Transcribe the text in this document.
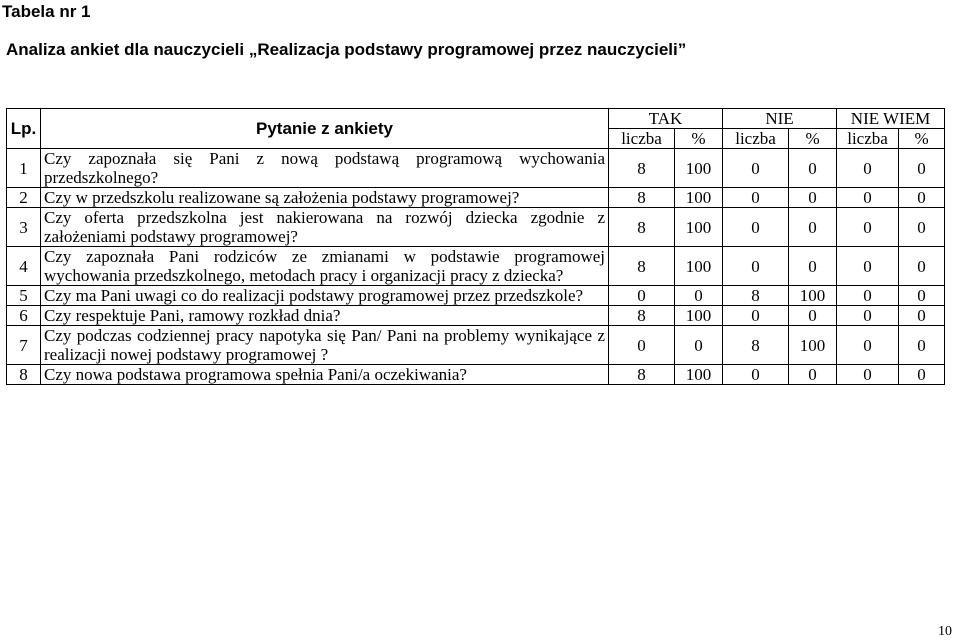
Tabela nr 1
Analiza ankiet dla nauczycieli „Realizacja podstawy programowej przez nauczycieli”
Lp.	Pytanie z ankiety	TAK		NIE		NIE WIEM	
		liczba	%	liczba	%	liczba	%
1	Czy zapoznała się Pani z nową podstawą programową wychowania przedszkolnego?	8	100	0	0	0	0
2	Czy w przedszkolu realizowane są założenia podstawy programowej?	8	100	0	0	0	0
3	Czy oferta przedszkolna jest nakierowana na rozwój dziecka zgodnie z założeniami podstawy programowej?	8	100	0	0	0	0
4	Czy zapoznała Pani rodziców ze zmianami w podstawie programowej wychowania przedszkolnego, metodach pracy i organizacji pracy z dziecka?	8	100	0	0	0	0
5	Czy ma Pani uwagi co do realizacji podstawy programowej przez przedszkole?	0	0	8	100	0	0
6	Czy respektuje Pani, ramowy rozkład dnia?	8	100	0	0	0	0
7	Czy podczas codziennej pracy napotyka się Pan/ Pani na problemy wynikające z realizacji nowej podstawy programowej ?	0	0	8	100	0	0
8	Czy nowa podstawa programowa spełnia Pani/a oczekiwania?	8	100	0	0	0	0
10
